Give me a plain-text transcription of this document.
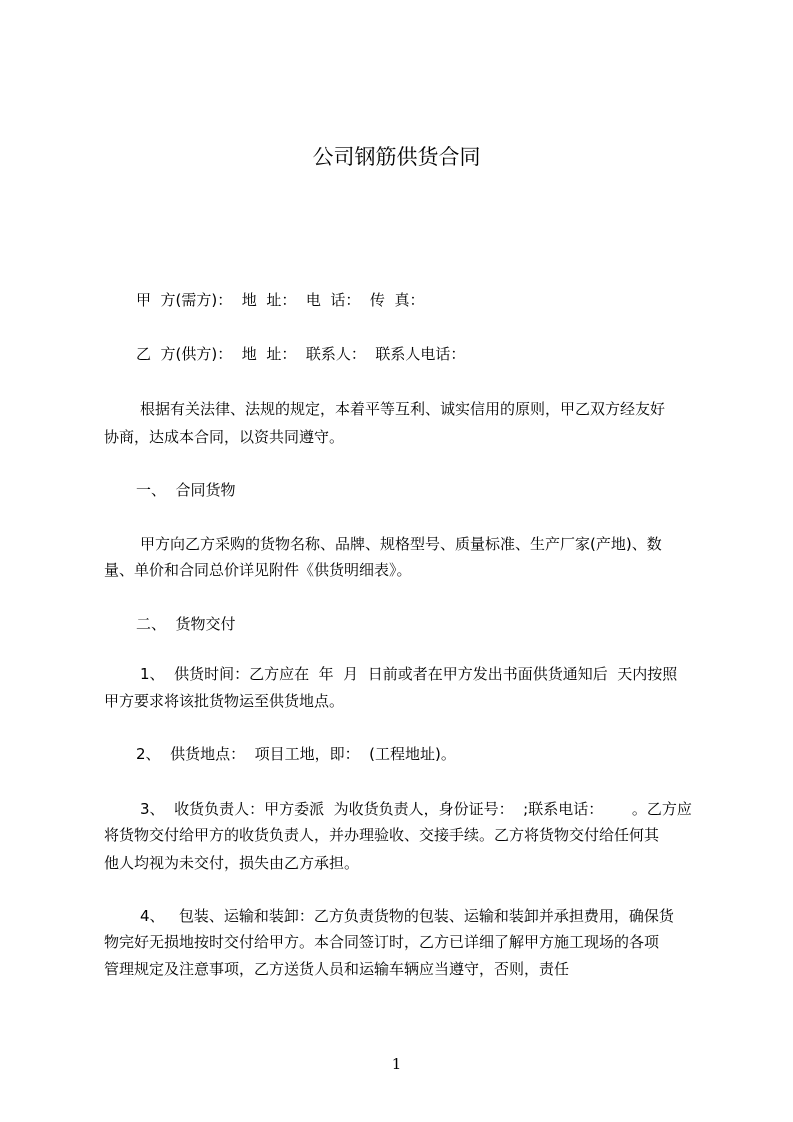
公司钢筋供货合同

甲  方(需方)：  地  址：  电  话：  传  真：

乙  方(供方)：  地  址：  联系人：  联系人电话：

根据有关法律、法规的规定，本着平等互利、诚实信用的原则，甲乙双方经友好

协商，达成本合同，以资共同遵守。

一、  合同货物

甲方向乙方采购的货物名称、品牌、规格型号、质量标准、生产厂家(产地)、数

量、单价和合同总价详见附件《供货明细表》。

二、  货物交付

1、  供货时间：乙方应在  年  月  日前或者在甲方发出书面供货通知后  天内按照

甲方要求将该批货物运至供货地点。

2、  供货地点：  项目工地，即：  (工程地址)。

3、  收货负责人：甲方委派  为收货负责人，身份证号：  ;联系电话：      。乙方应

将货物交付给甲方的收货负责人，并办理验收、交接手续。乙方将货物交付给任何其

他人均视为未交付，损失由乙方承担。

4、   包装、运输和装卸：乙方负责货物的包装、运输和装卸并承担费用，确保货

物完好无损地按时交付给甲方。本合同签订时，乙方已详细了解甲方施工现场的各项

管理规定及注意事项，乙方送货人员和运输车辆应当遵守，否则，责任

1
